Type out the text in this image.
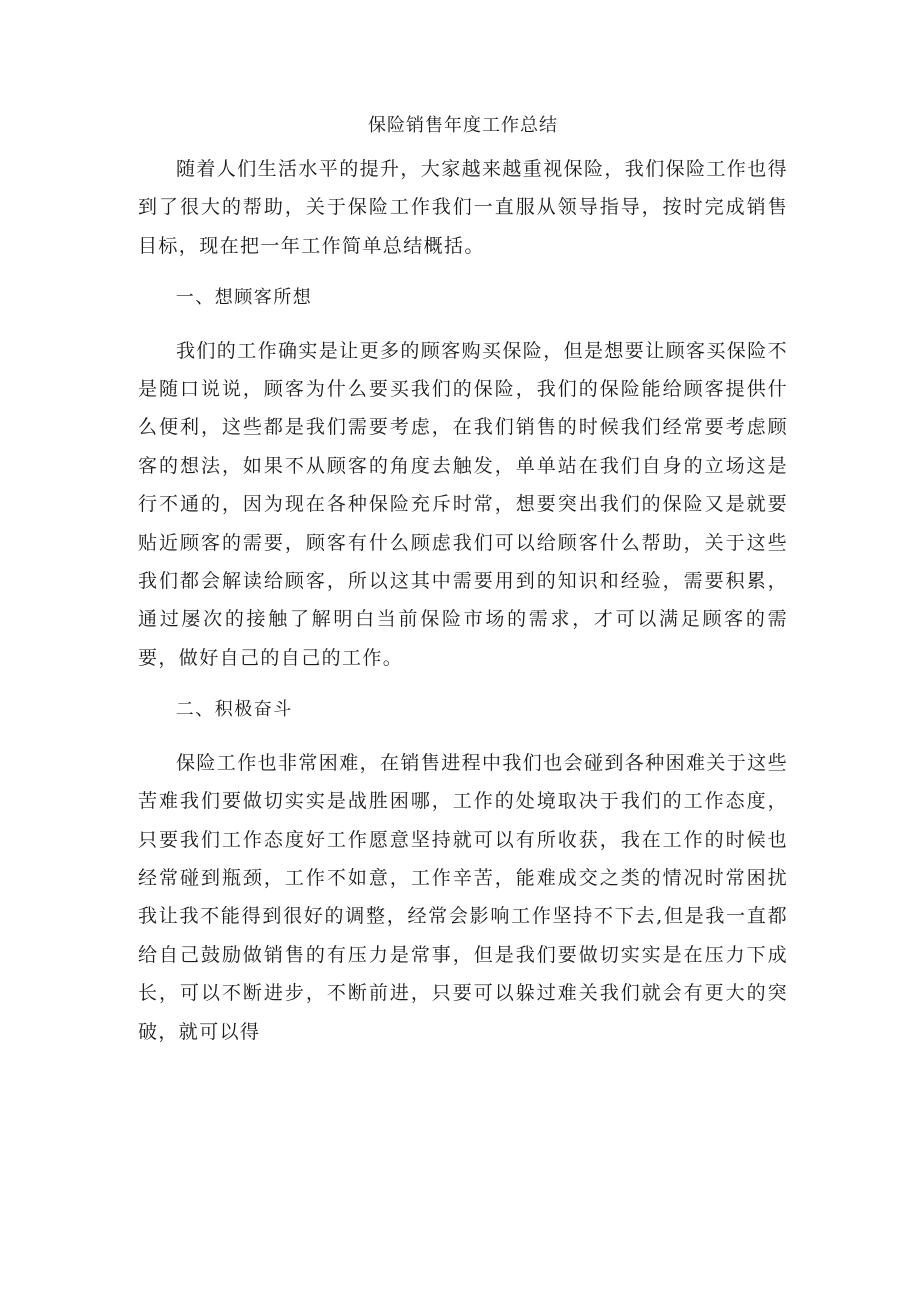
保险销售年度工作总结

随着人们生活水平的提升，大家越来越重视保险，我们保险工作也得到了很大的帮助，关于保险工作我们一直服从领导指导，按时完成销售目标，现在把一年工作简单总结概括。

一、想顾客所想

我们的工作确实是让更多的顾客购买保险，但是想要让顾客买保险不是随口说说，顾客为什么要买我们的保险，我们的保险能给顾客提供什么便利，这些都是我们需要考虑，在我们销售的时候我们经常要考虑顾客的想法，如果不从顾客的角度去触发，单单站在我们自身的立场这是行不通的，因为现在各种保险充斥时常，想要突出我们的保险又是就要贴近顾客的需要，顾客有什么顾虑我们可以给顾客什么帮助，关于这些我们都会解读给顾客，所以这其中需要用到的知识和经验，需要积累，通过屡次的接触了解明白当前保险市场的需求，才可以满足顾客的需要，做好自己的自己的工作。

二、积极奋斗

保险工作也非常困难，在销售进程中我们也会碰到各种困难关于这些苦难我们要做切实实是战胜困哪，工作的处境取决于我们的工作态度，只要我们工作态度好工作愿意坚持就可以有所收获，我在工作的时候也经常碰到瓶颈，工作不如意，工作辛苦，能难成交之类的情况时常困扰我让我不能得到很好的调整，经常会影响工作坚持不下去,但是我一直都给自己鼓励做销售的有压力是常事，但是我们要做切实实是在压力下成长，可以不断进步，不断前进，只要可以躲过难关我们就会有更大的突破，就可以得
